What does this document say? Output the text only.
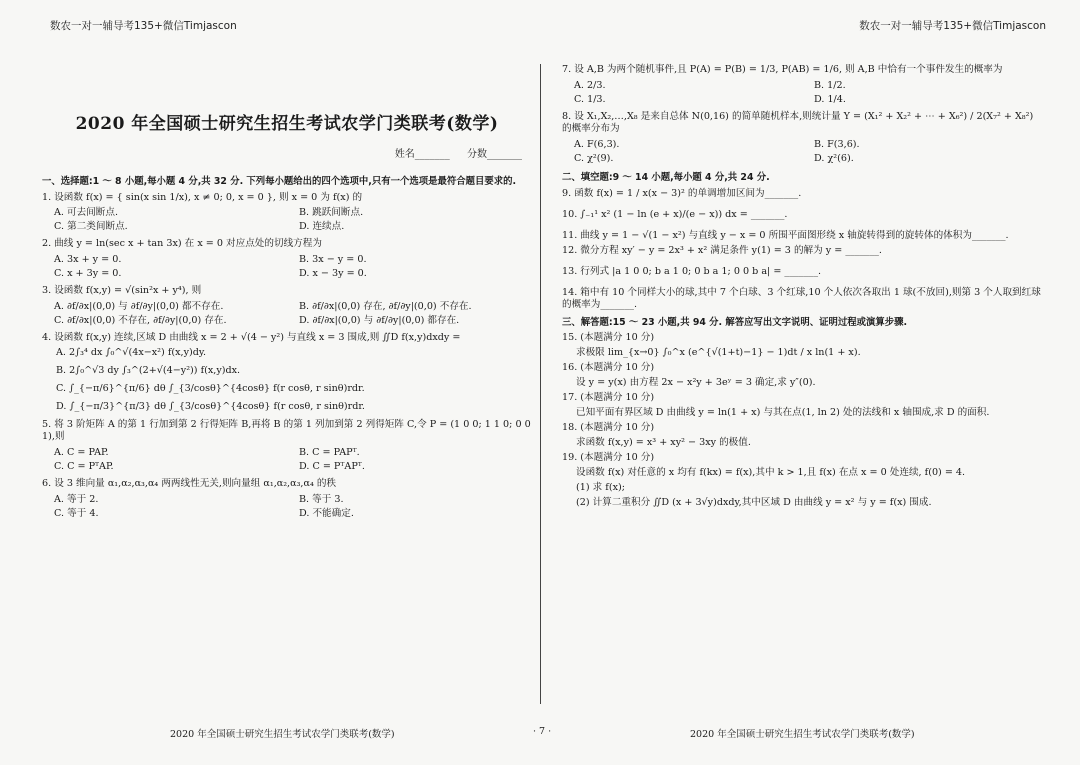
数农一对一辅导考135+微信Timjascon	数农一对一辅导考135+微信Timjascon
2020 年全国硕士研究生招生考试农学门类联考(数学)
姓名_______ 分数_______
一、选择题:1 ～ 8 小题,每小题 4 分,共 32 分. 下列每小题给出的四个选项中,只有一个选项是最符合题目要求的.
1. 设函数 f(x) = { sin(x sin 1/x), x ≠ 0; 0, x = 0 }, 则 x = 0 为 f(x) 的
A. 可去间断点.	B. 跳跃间断点.
C. 第二类间断点.	D. 连续点.
2. 曲线 y = ln(sec x + tan 3x) 在 x = 0 对应点处的切线方程为
A. 3x + y = 0.	B. 3x − y = 0.
C. x + 3y = 0.	D. x − 3y = 0.
3. 设函数 f(x,y) = √(sin²x + y⁴), 则
A. ∂f/∂x|(0,0) 与 ∂f/∂y|(0,0) 都不存在.	B. ∂f/∂x|(0,0) 存在, ∂f/∂y|(0,0) 不存在.
C. ∂f/∂x|(0,0) 不存在, ∂f/∂y|(0,0) 存在.	D. ∂f/∂x|(0,0) 与 ∂f/∂y|(0,0) 都存在.
4. 设函数 f(x,y) 连续,区域 D 由曲线 x = 2 + √(4 − y²) 与直线 x = 3 围成,则 ∬D f(x,y)dxdy =
A. 2∫₃⁴ dx ∫₀^√(4x−x²) f(x,y)dy.
B. 2∫₀^√3 dy ∫₃^(2+√(4−y²)) f(x,y)dx.
C. ∫_{−π/6}^{π/6} dθ ∫_{3/cosθ}^{4cosθ} f(r cosθ, r sinθ)rdr.
D. ∫_{−π/3}^{π/3} dθ ∫_{3/cosθ}^{4cosθ} f(r cosθ, r sinθ)rdr.
5. 将 3 阶矩阵 A 的第 1 行加到第 2 行得矩阵 B,再将 B 的第 1 列加到第 2 列得矩阵 C,令 P = (1 0 0; 1 1 0; 0 0 1),则
A. C = PAP.	B. C = PAPᵀ.
C. C = PᵀAP.	D. C = PᵀAPᵀ.
6. 设 3 维向量 α₁,α₂,α₃,α₄ 两两线性无关,则向量组 α₁,α₂,α₃,α₄ 的秩
A. 等于 2.	B. 等于 3.
C. 等于 4.	D. 不能确定.
7. 设 A,B 为两个随机事件,且 P(A) = P(B) = 1/3, P(AB) = 1/6, 则 A,B 中恰有一个事件发生的概率为
A. 2/3.	B. 1/2.
C. 1/3.	D. 1/4.
8. 设 X₁,X₂,…,X₈ 是来自总体 N(0,16) 的简单随机样本,则统计量 Y = (X₁² + X₂² + ⋯ + X₆²) / 2(X₇² + X₈²) 的概率分布为
A. F(6,3).	B. F(3,6).
C. χ²(9).	D. χ²(6).
二、填空题:9 ～ 14 小题,每小题 4 分,共 24 分.
9. 函数 f(x) = 1 / x(x − 3)² 的单调增加区间为_______.
10. ∫₋₁¹ x² (1 − ln (e + x)/(e − x)) dx = _______.
11. 曲线 y = 1 − √(1 − x²) 与直线 y − x = 0 所围平面图形绕 x 轴旋转得到的旋转体的体积为_______.
12. 微分方程 xy′ − y = 2x³ + x² 满足条件 y(1) = 3 的解为 y = _______.
13. 行列式 |a 1 0 0; b a 1 0; 0 b a 1; 0 0 b a| = _______.
14. 箱中有 10 个同样大小的球,其中 7 个白球、3 个红球,10 个人依次各取出 1 球(不放回),则第 3 个人取到红球的概率为_______.
三、解答题:15 ～ 23 小题,共 94 分. 解答应写出文字说明、证明过程或演算步骤.
15. (本题满分 10 分)
求极限 lim_{x→0} ∫₀^x (e^{√(1+t)−1} − 1)dt / x ln(1 + x).
16. (本题满分 10 分)
设 y = y(x) 由方程 2x − x²y + 3eʸ = 3 确定,求 y″(0).
17. (本题满分 10 分)
已知平面有界区域 D 由曲线 y = ln(1 + x) 与其在点(1, ln 2) 处的法线和 x 轴围成,求 D 的面积.
18. (本题满分 10 分)
求函数 f(x,y) = x³ + xy² − 3xy 的极值.
19. (本题满分 10 分)
设函数 f(x) 对任意的 x 均有 f(kx) = f(x),其中 k > 1,且 f(x) 在点 x = 0 处连续, f(0) = 4.
(1) 求 f(x);
(2) 计算二重积分 ∬D (x + 3√y)dxdy,其中区域 D 由曲线 y = x² 与 y = f(x) 围成.
2020 年全国硕士研究生招生考试农学门类联考(数学)	· 7 ·	2020 年全国硕士研究生招生考试农学门类联考(数学)
